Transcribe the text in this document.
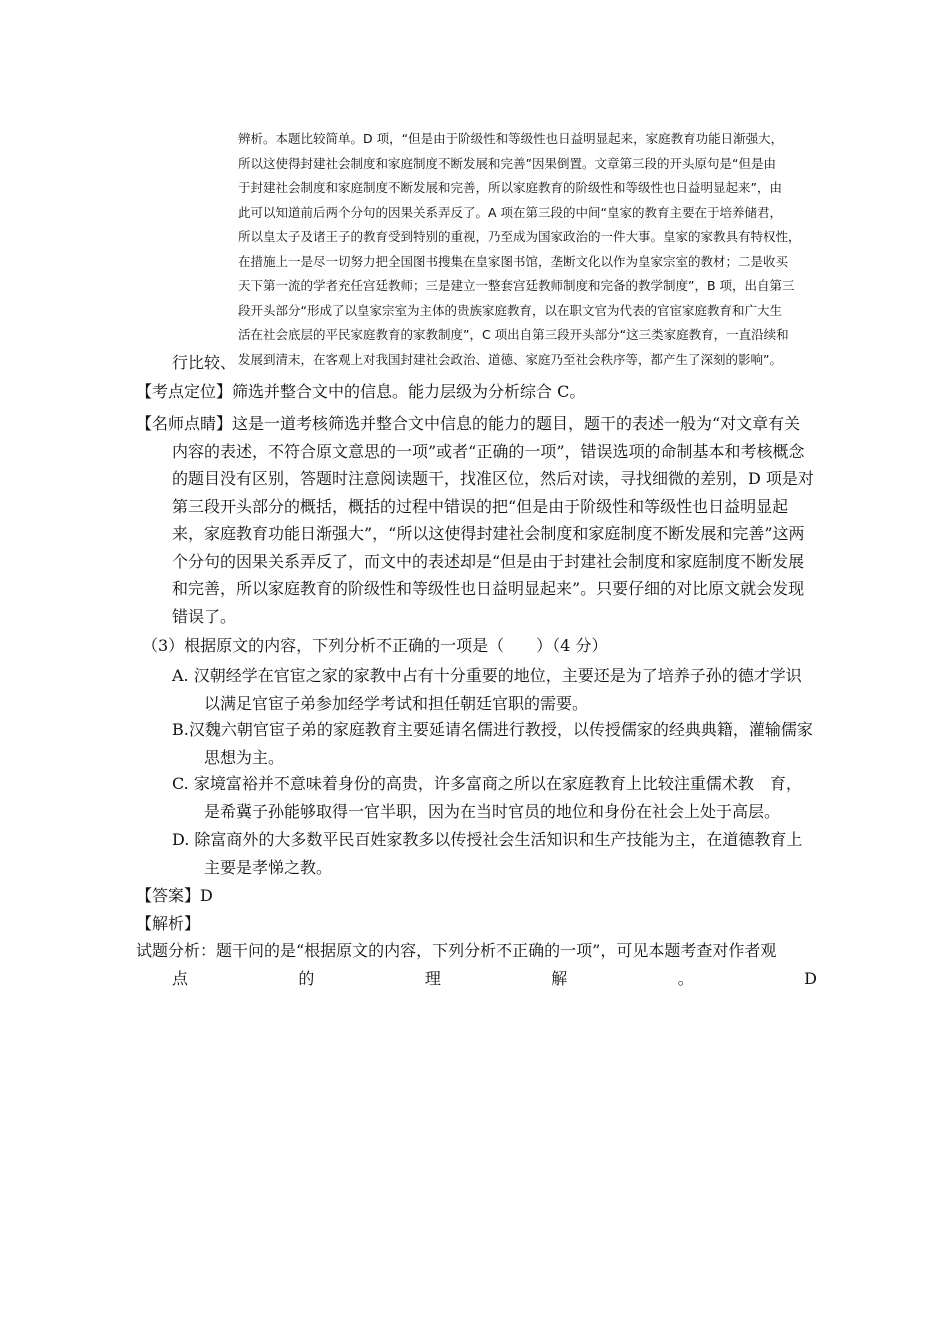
辨析。本题比较简单。D 项，“但是由于阶级性和等级性也日益明显起来，家庭教育功能日渐强大，

所以这使得封建社会制度和家庭制度不断发展和完善”因果倒置。文章第三段的开头原句是“但是由

于封建社会制度和家庭制度不断发展和完善，所以家庭教育的阶级性和等级性也日益明显起来”，由

此可以知道前后两个分句的因果关系弄反了。A 项在第三段的中间“皇家的教育主要在于培养储君，

所以皇太子及诸王子的教育受到特别的重视，乃至成为国家政治的一件大事。皇家的家教具有特权性，

在措施上一是尽一切努力把全国图书搜集在皇家图书馆，垄断文化以作为皇家宗室的教材；二是收买

天下第一流的学者充任宫廷教师；三是建立一整套宫廷教师制度和完备的教学制度”，B 项，出自第三

段开头部分“形成了以皇家宗室为主体的贵族家庭教育，以在职文官为代表的官宦家庭教育和广大生

活在社会底层的平民家庭教育的家教制度”，C 项出自第三段开头部分“这三类家庭教育，一直沿续和

发展到清末，在客观上对我国封建社会政治、道德、家庭乃至社会秩序等，都产生了深刻的影响”。

行比较、

【考点定位】筛选并整合文中的信息。能力层级为分析综合 C。

【名师点睛】这是一道考核筛选并整合文中信息的能力的题目，题干的表述一般为“对文章有关内容的表述，不符合原文意思的一项”或者“正确的一项”，错误选项的命制基本和考核概念的题目没有区别，答题时注意阅读题干，找准区位，然后对读，寻找细微的差别，D 项是对第三段开头部分的概括，概括的过程中错误的把“但是由于阶级性和等级性也日益明显起来，家庭教育功能日渐强大”，“所以这使得封建社会制度和家庭制度不断发展和完善”这两个分句的因果关系弄反了，而文中的表述却是“但是由于封建社会制度和家庭制度不断发展和完善，所以家庭教育的阶级性和等级性也日益明显起来”。只要仔细的对比原文就会发现错误了。

（3）根据原文的内容，下列分析不正确的一项是（　　）（4 分）

A. 汉朝经学在官宦之家的家教中占有十分重要的地位，主要还是为了培养子孙的德才学识以满足官宦子弟参加经学考试和担任朝廷官职的需要。

B.汉魏六朝官宦子弟的家庭教育主要延请名儒进行教授，以传授儒家的经典典籍，灌输儒家思想为主。

C. 家境富裕并不意味着身份的高贵，许多富商之所以在家庭教育上比较注重儒术教　育，是希冀子孙能够取得一官半职，因为在当时官员的地位和身份在社会上处于高层。

D. 除富商外的大多数平民百姓家教多以传授社会生活知识和生产技能为主，在道德教育上主要是孝悌之教。

【答案】D

【解析】

试题分析：题干问的是“根据原文的内容，下列分析不正确的一项”，可见本题考查对作者观

点	的	理	解	。	D
